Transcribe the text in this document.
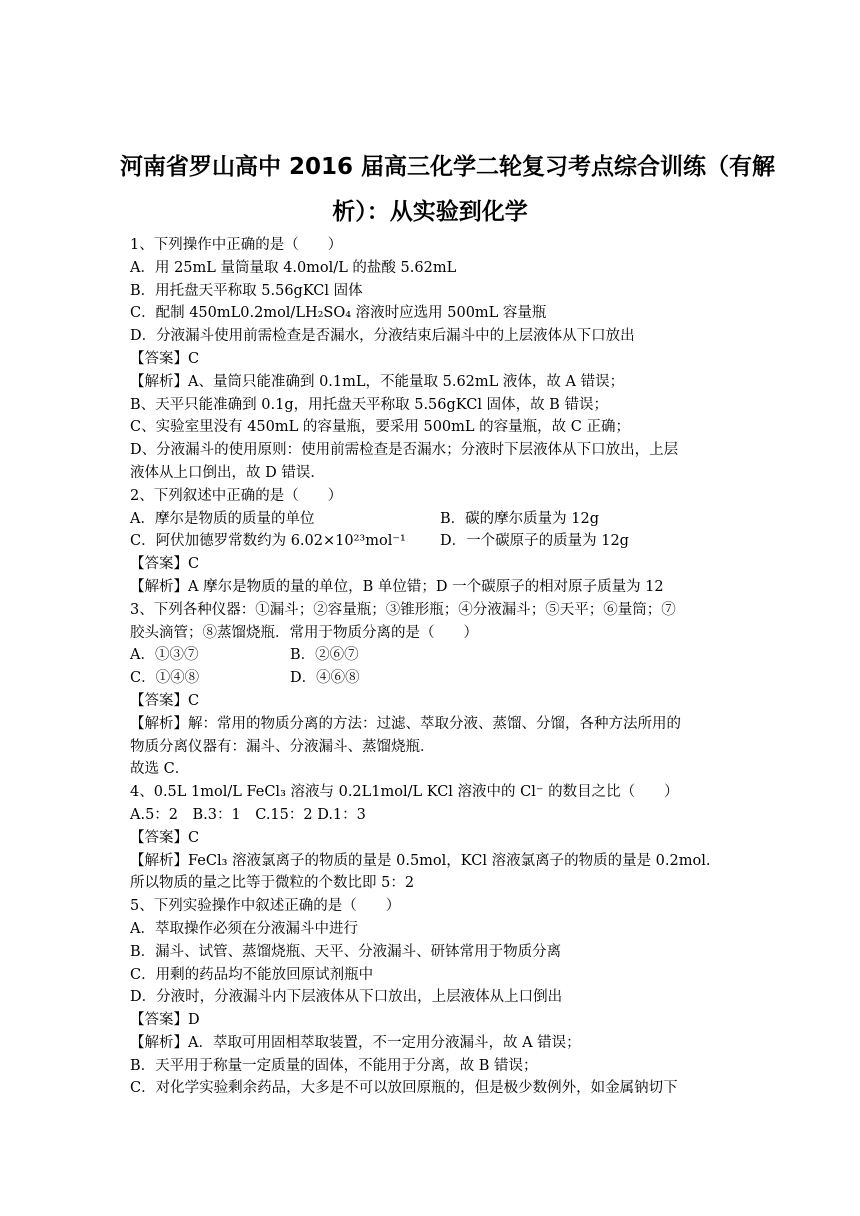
河南省罗山高中 2016 届高三化学二轮复习考点综合训练（有解
析）：从实验到化学
1、下列操作中正确的是（　　）
A．用 25mL 量筒量取 4.0mol/L 的盐酸 5.62mL
B．用托盘天平称取 5.56gKCl 固体
C．配制 450mL0.2mol/LH₂SO₄ 溶液时应选用 500mL 容量瓶
D．分液漏斗使用前需检查是否漏水，分液结束后漏斗中的上层液体从下口放出
【答案】C
【解析】A、量筒只能准确到 0.1mL，不能量取 5.62mL 液体，故 A 错误；
B、天平只能准确到 0.1g，用托盘天平称取 5.56gKCl 固体，故 B 错误；
C、实验室里没有 450mL 的容量瓶，要采用 500mL 的容量瓶，故 C 正确；
D、分液漏斗的使用原则：使用前需检查是否漏水；分液时下层液体从下口放出，上层
液体从上口倒出，故 D 错误．
2、下列叙述中正确的是（　　）
A．摩尔是物质的质量的单位	B．碳的摩尔质量为 12g
C．阿伏加德罗常数约为 6.02×10²³mol⁻¹	D．一个碳原子的质量为 12g
【答案】C
【解析】A 摩尔是物质的量的单位，B 单位错；D 一个碳原子的相对原子质量为 12
3、下列各种仪器：①漏斗；②容量瓶；③锥形瓶；④分液漏斗；⑤天平；⑥量筒；⑦
胶头滴管；⑧蒸馏烧瓶．常用于物质分离的是（　　）
A．①③⑦	B．②⑥⑦
C．①④⑧	D．④⑥⑧
【答案】C
【解析】解：常用的物质分离的方法：过滤、萃取分液、蒸馏、分馏，各种方法所用的
物质分离仪器有：漏斗、分液漏斗、蒸馏烧瓶．
故选 C．
4、0.5L 1mol/L FeCl₃ 溶液与 0.2L1mol/L KCl 溶液中的 Cl⁻ 的数目之比（　　）
A.5：2　B.3：1　C.15：2 D.1：3
【答案】C
【解析】FeCl₃ 溶液氯离子的物质的量是 0.5mol，KCl 溶液氯离子的物质的量是 0.2mol.
所以物质的量之比等于微粒的个数比即 5：2
5、下列实验操作中叙述正确的是（　　）
A．萃取操作必须在分液漏斗中进行
B．漏斗、试管、蒸馏烧瓶、天平、分液漏斗、研钵常用于物质分离
C．用剩的药品均不能放回原试剂瓶中
D．分液时，分液漏斗内下层液体从下口放出，上层液体从上口倒出
【答案】D
【解析】A．萃取可用固相萃取装置，不一定用分液漏斗，故 A 错误；
B．天平用于称量一定质量的固体，不能用于分离，故 B 错误；
C．对化学实验剩余药品，大多是不可以放回原瓶的，但是极少数例外，如金属钠切下
